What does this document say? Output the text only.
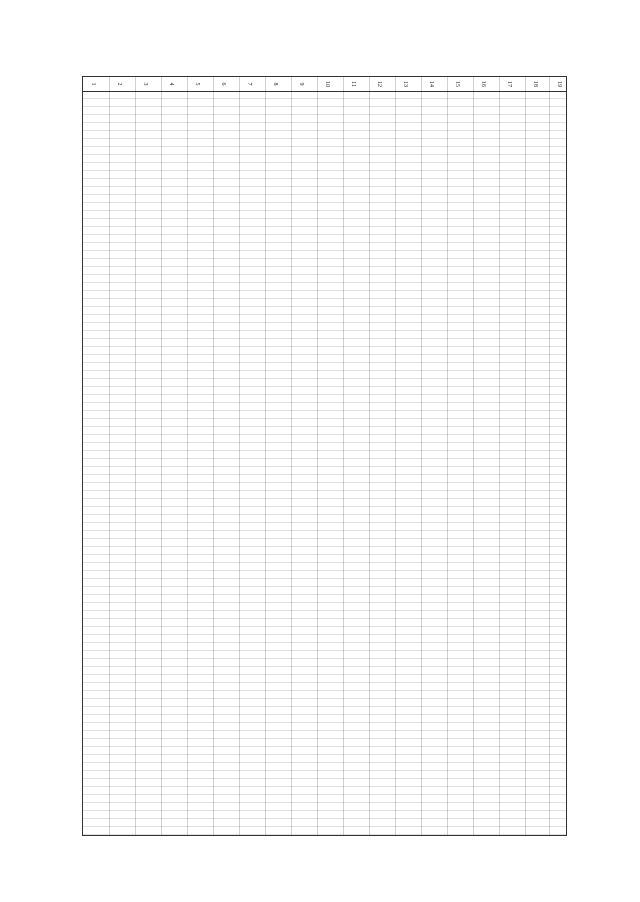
1	2	3	4	5	6	7	8	9	10	11	12	13	14	15	16	17	18	19
